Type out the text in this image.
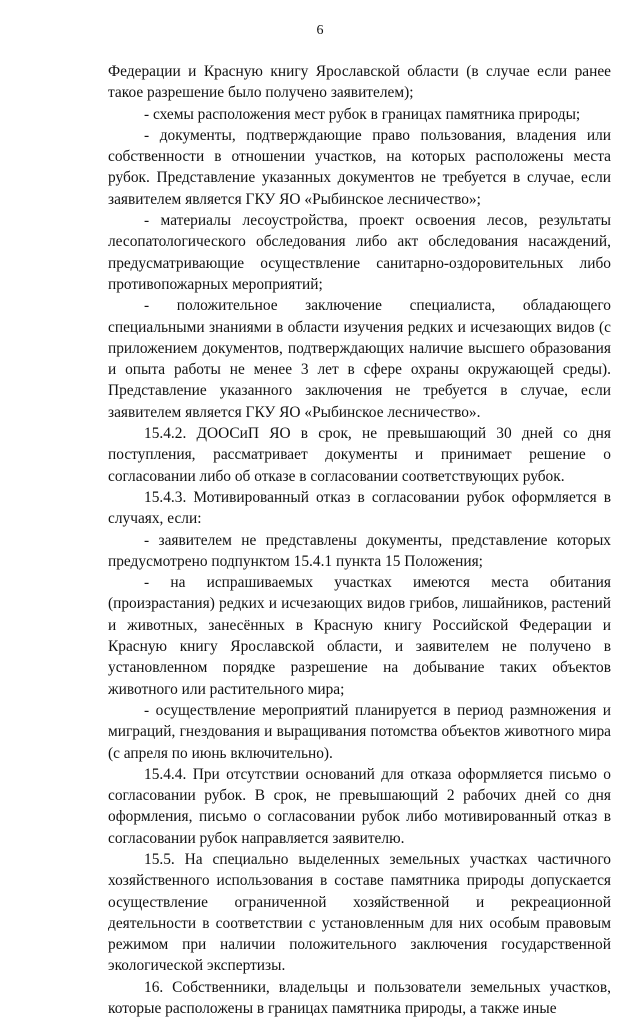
6

Федерации и Красную книгу Ярославской области (в случае если ранее такое разрешение было получено заявителем);

- схемы расположения мест рубок в границах памятника природы;

- документы, подтверждающие право пользования, владения или собственности в отношении участков, на которых расположены места рубок. Представление указанных документов не требуется в случае, если заявителем является ГКУ ЯО «Рыбинское лесничество»;

- материалы лесоустройства, проект освоения лесов, результаты лесопатологического обследования либо акт обследования насаждений, предусматривающие осуществление санитарно-оздоровительных либо противопожарных мероприятий;

- положительное заключение специалиста, обладающего специальными знаниями в области изучения редких и исчезающих видов (с приложением документов, подтверждающих наличие высшего образования и опыта работы не менее 3 лет в сфере охраны окружающей среды). Представление указанного заключения не требуется в случае, если заявителем является ГКУ ЯО «Рыбинское лесничество».

15.4.2. ДООСиП ЯО в срок, не превышающий 30 дней со дня поступления, рассматривает документы и принимает решение о согласовании либо об отказе в согласовании соответствующих рубок.

15.4.3. Мотивированный отказ в согласовании рубок оформляется в случаях, если:

- заявителем не представлены документы, представление которых предусмотрено подпунктом 15.4.1 пункта 15 Положения;

- на испрашиваемых участках имеются места обитания (произрастания) редких и исчезающих видов грибов, лишайников, растений и животных, занесённых в Красную книгу Российской Федерации и Красную книгу Ярославской области, и заявителем не получено в установленном порядке разрешение на добывание таких объектов животного или растительного мира;

- осуществление мероприятий планируется в период размножения и миграций, гнездования и выращивания потомства объектов животного мира (с апреля по июнь включительно).

15.4.4. При отсутствии оснований для отказа оформляется письмо о согласовании рубок. В срок, не превышающий 2 рабочих дней со дня оформления, письмо о согласовании рубок либо мотивированный отказ в согласовании рубок направляется заявителю.

15.5. На специально выделенных земельных участках частичного хозяйственного использования в составе памятника природы допускается осуществление ограниченной хозяйственной и рекреационной деятельности в соответствии с установленным для них особым правовым режимом при наличии положительного заключения государственной экологической экспертизы.

16. Собственники, владельцы и пользователи земельных участков, которые расположены в границах памятника природы, а также иные
